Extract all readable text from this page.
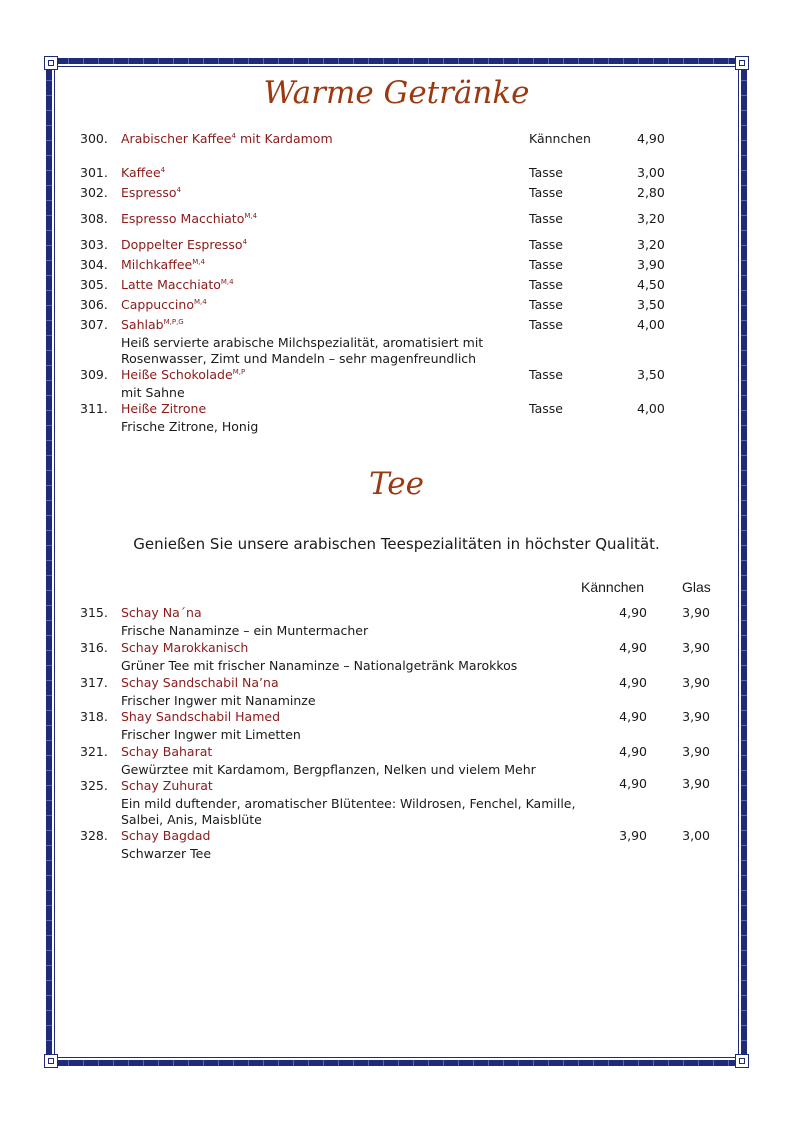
Warme Getränke
300. Arabischer Kaffee$^4$ mit Kardamom	Kännchen	4,90
301. Kaffee$^4$	Tasse	3,00
302. Espresso$^4$	Tasse	2,80
308. Espresso Macchiato$^{M,4}$	Tasse	3,20
303. Doppelter Espresso$^4$	Tasse	3,20
304. Milchkaffee$^{M,4}$	Tasse	3,90
305. Latte Macchiato$^{M,4}$	Tasse	4,50
306. Cappuccino$^{M,4}$	Tasse	3,50
307. Sahlab$^{M,P,G}$	Tasse	4,00
Heiß servierte arabische Milchspezialität, aromatisiert mit
Rosenwasser, Zimt und Mandeln – sehr magenfreundlich
309. Heiße Schokolade$^{M,P}$	Tasse	3,50
mit Sahne
311. Heiße Zitrone	Tasse	4,00
Frische Zitrone, Honig
Tee
Genießen Sie unsere arabischen Teespezialitäten in höchster Qualität.
Kännchen	Glas
315. Schay Na´na	4,90	3,90
Frische Nanaminze – ein Muntermacher
316. Schay Marokkanisch	4,90	3,90
Grüner Tee mit frischer Nanaminze – Nationalgetränk Marokkos
317. Schay Sandschabil Na’na	4,90	3,90
Frischer Ingwer mit Nanaminze
318. Shay Sandschabil Hamed	4,90	3,90
Frischer Ingwer mit Limetten
321. Schay Baharat	4,90	3,90
Gewürztee mit Kardamom, Bergpflanzen, Nelken und vielem Mehr
325. Schay Zuhurat	4,90	3,90
Ein mild duftender, aromatischer Blütentee: Wildrosen, Fenchel, Kamille,
Salbei, Anis, Maisblüte
328. Schay Bagdad	3,90	3,00
Schwarzer Tee
